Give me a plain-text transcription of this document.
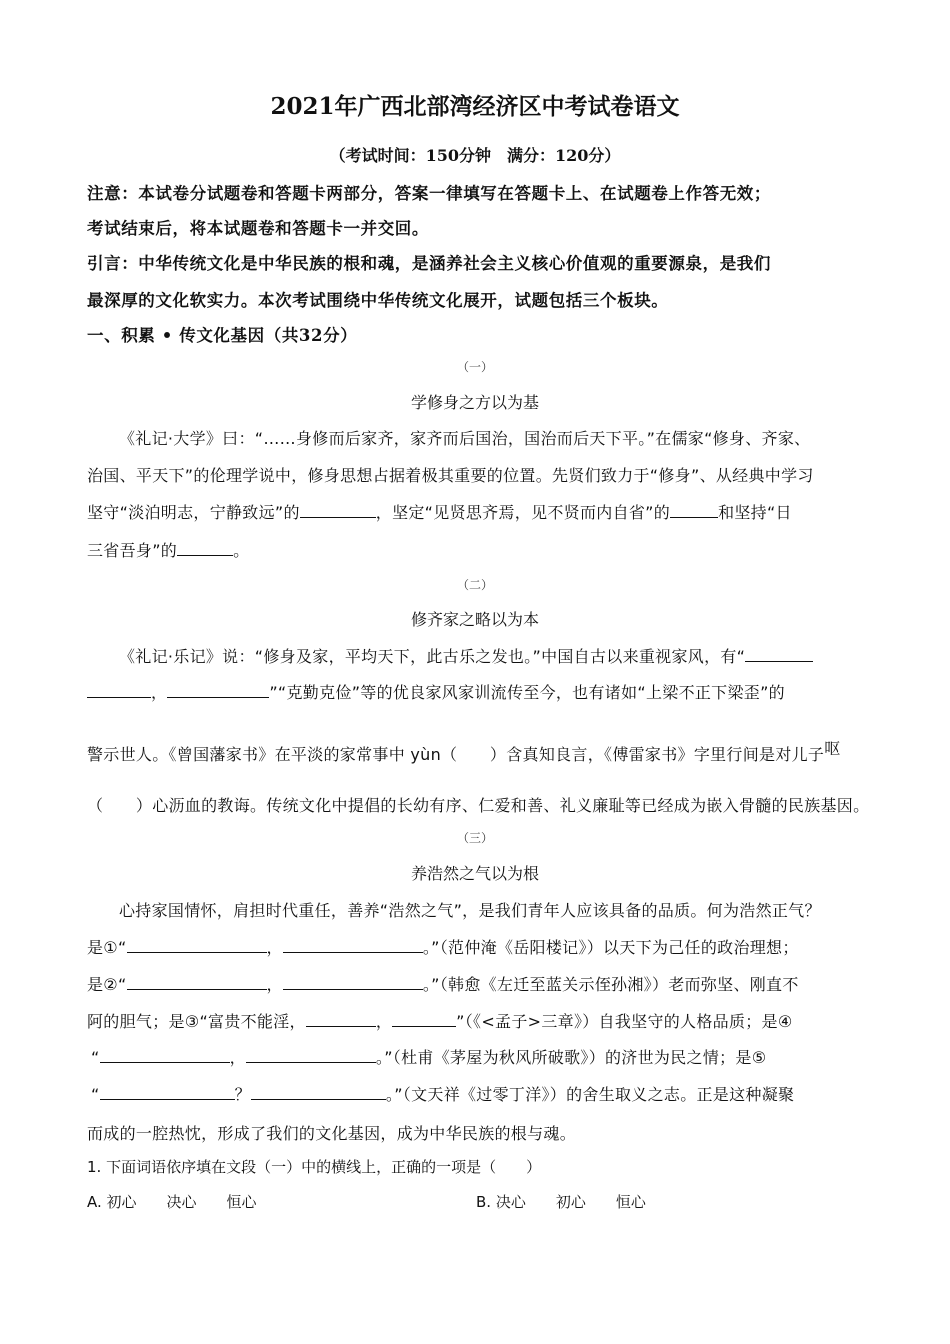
2021年广西北部湾经济区中考试卷语文
（考试时间：150分钟　满分：120分）
注意：本试卷分试题卷和答题卡两部分，答案一律填写在答题卡上、在试题卷上作答无效；
考试结束后，将本试题卷和答题卡一并交回。
引言：中华传统文化是中华民族的根和魂，是涵养社会主义核心价值观的重要源泉，是我们
最深厚的文化软实力。本次考试围绕中华传统文化展开，试题包括三个板块。
一、积累 • 传文化基因（共32分）
（一）
学修身之方以为基
《礼记·大学》曰：“……身修而后家齐，家齐而后国治，国治而后天下平。”在儒家“修身、齐家、
治国、平天下”的伦理学说中，修身思想占据着极其重要的位置。先贤们致力于“修身”、从经典中学习
坚守“淡泊明志，宁静致远”的	，坚定“见贤思齐焉，见不贤而内自省”的	和坚持“日
三省吾身”的	。
（二）
修齐家之略以为本
《礼记·乐记》说：“修身及家，平均天下，此古乐之发也。”中国自古以来重视家风，有“
，	”“克勤克俭”等的优良家风家训流传至今，也有诸如“上梁不正下梁歪”的
警示世人。《曾国藩家书》在平淡的家常事中 yùn（　　）含真知良言，《傅雷家书》字里行间是对儿子呕
（　　）心沥血的教诲。传统文化中提倡的长幼有序、仁爱和善、礼义廉耻等已经成为嵌入骨髓的民族基因。
（三）
养浩然之气以为根
心持家国情怀，肩担时代重任，善养“浩然之气”，是我们青年人应该具备的品质。何为浩然正气？
是①“	，	。”（范仲淹《岳阳楼记》）以天下为己任的政治理想；
是②“	，	。”（韩愈《左迁至蓝关示侄孙湘》）老而弥坚、刚直不
阿的胆气；是③“富贵不能淫，	，	”（《<孟子>三章》）自我坚守的人格品质；是④
“	，	。”（杜甫《茅屋为秋风所破歌》）的济世为民之情；是⑤
“	？	。”（文天祥《过零丁洋》）的舍生取义之志。正是这种凝聚
而成的一腔热忱，形成了我们的文化基因，成为中华民族的根与魂。
1. 下面词语依序填在文段（一）中的横线上，正确的一项是（　　）
A. 初心　　决心　　恒心	B. 决心　　初心　　恒心
